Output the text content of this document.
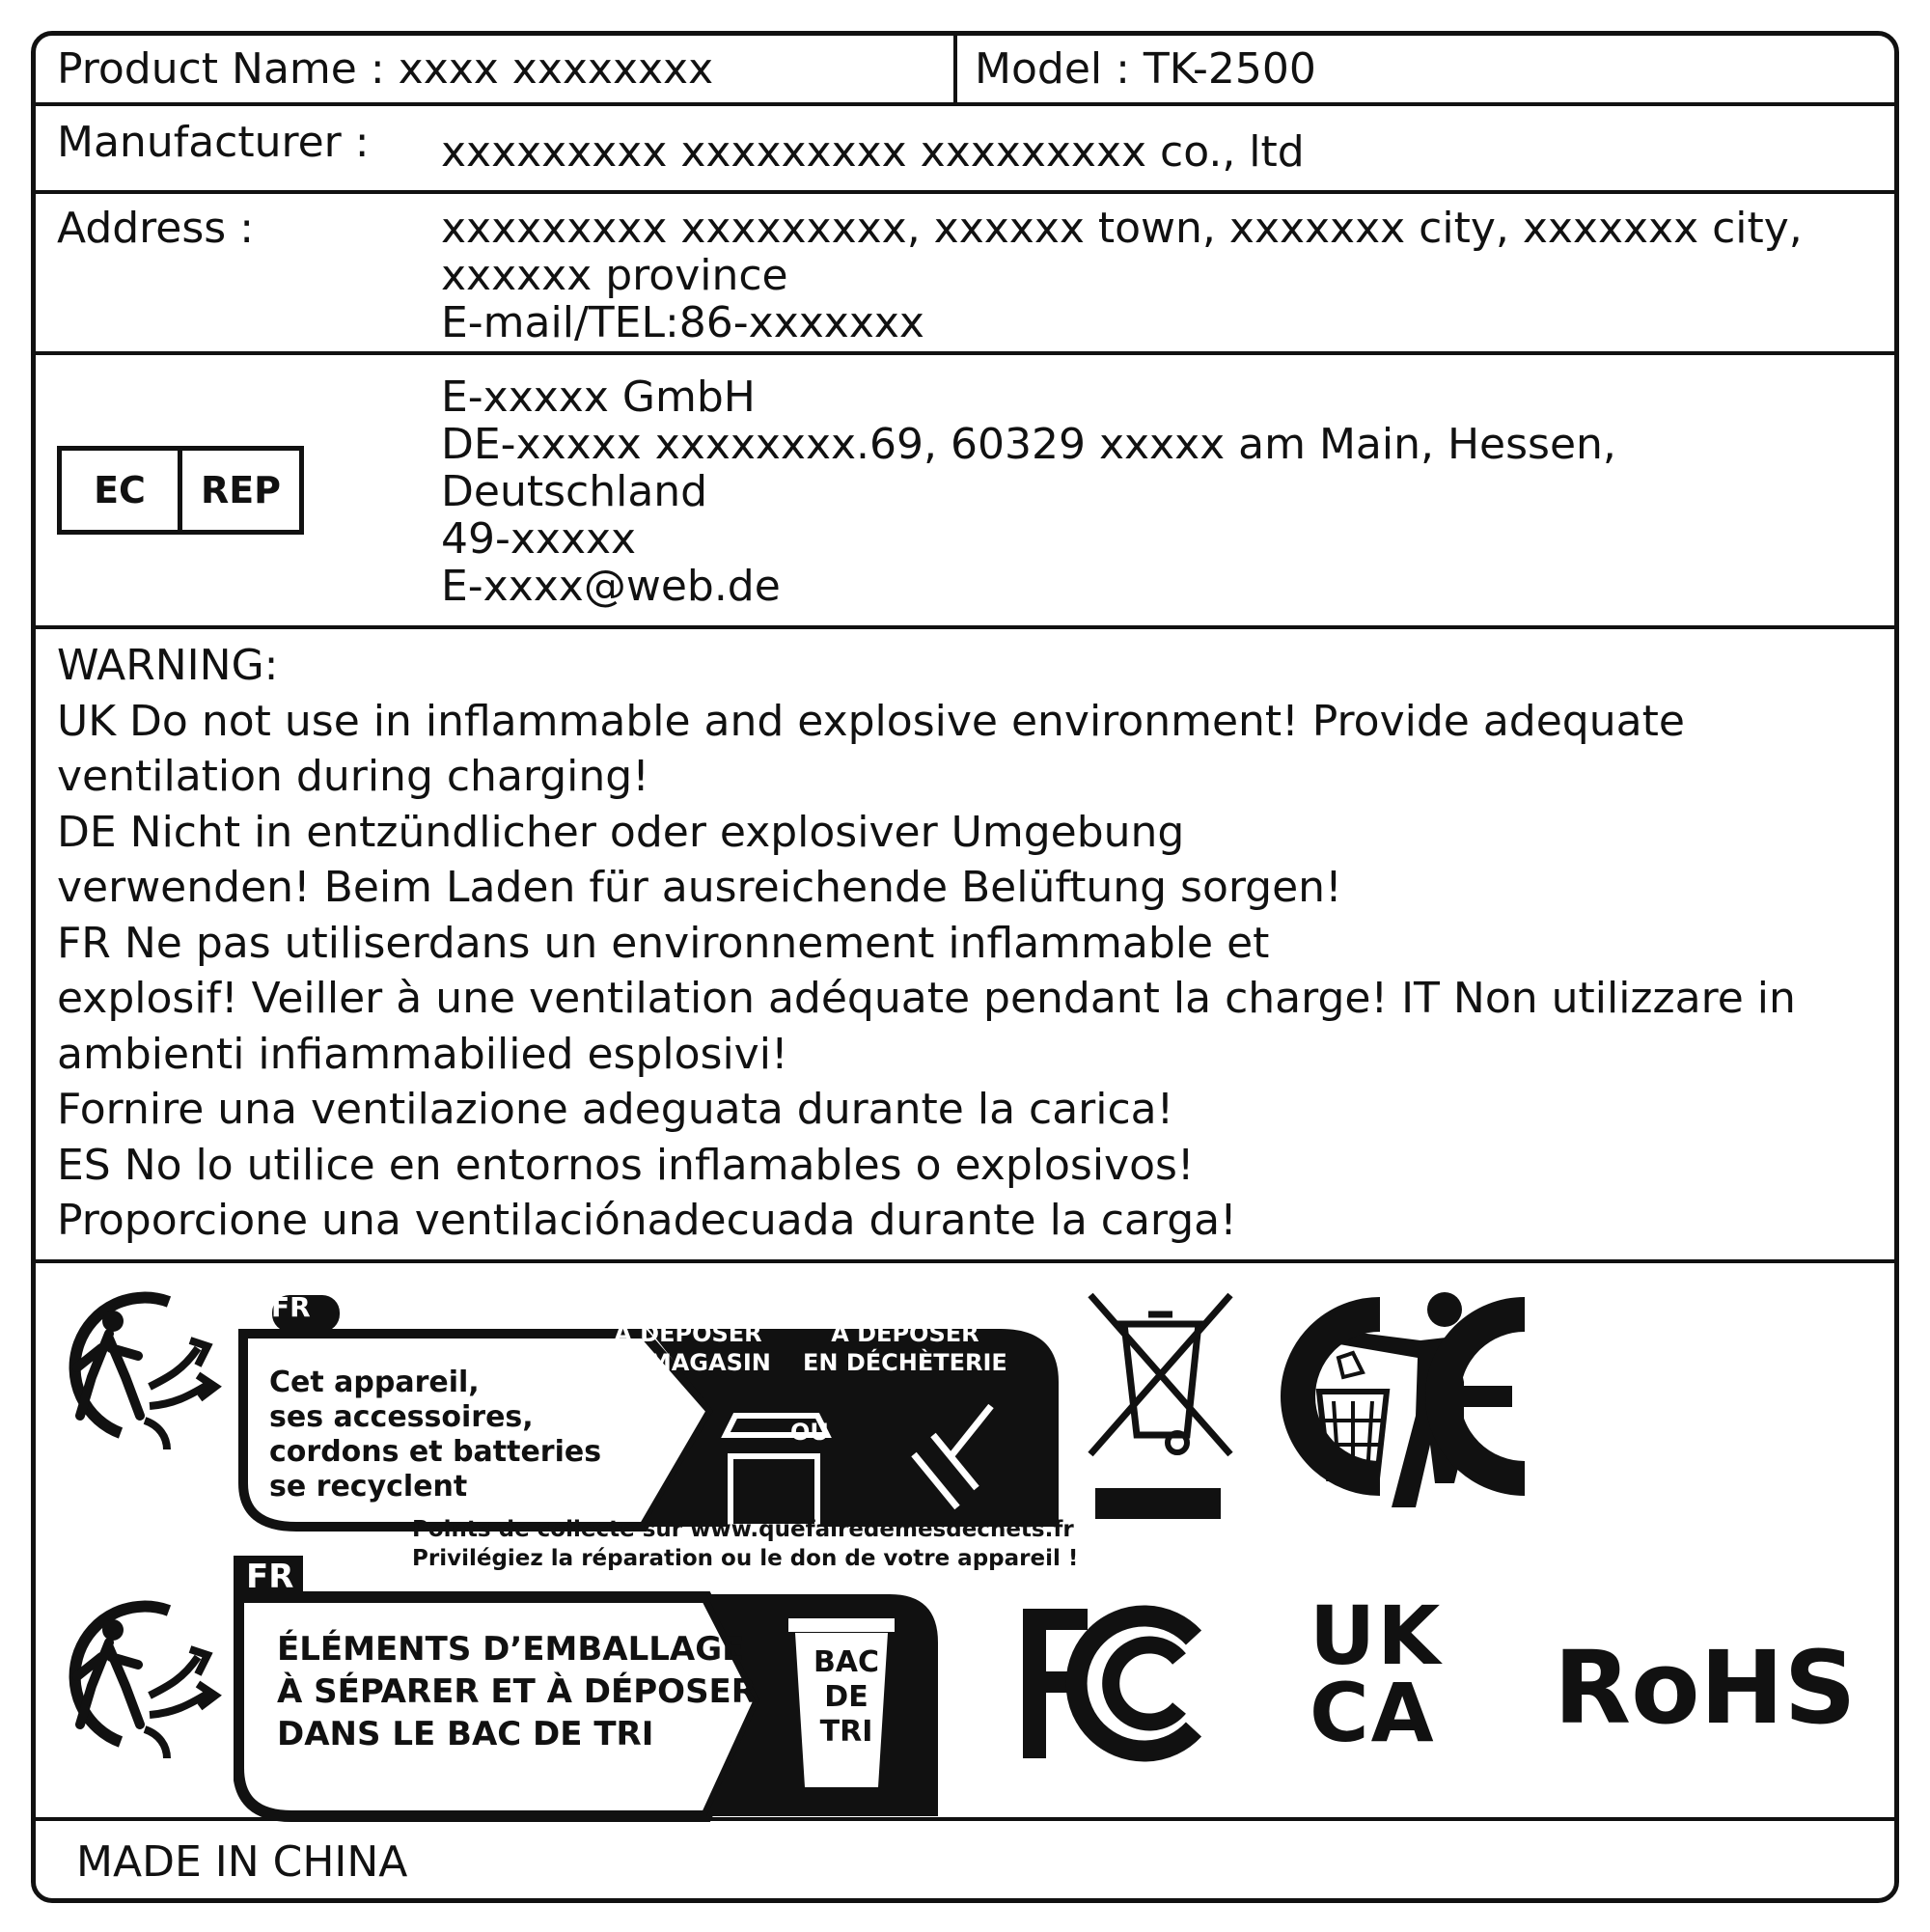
Product Name : xxxx xxxxxxxx	Model : TK-2500
Manufacturer : xxxxxxxxx xxxxxxxxx xxxxxxxxx co., ltd
Address :	xxxxxxxxx xxxxxxxxx, xxxxxx town, xxxxxxx city, xxxxxxx city,
xxxxxx province
E-mail/TEL:86-xxxxxxx
EC	REP
E-xxxxx GmbH
DE-xxxxx xxxxxxxx.69, 60329 xxxxx am Main, Hessen,
Deutschland
49-xxxxx
E-xxxx@web.de
WARNING:
UK Do not use in inflammable and explosive environment! Provide adequate
ventilation during charging!
DE Nicht in entzündlicher oder explosiver Umgebung
verwenden! Beim Laden für ausreichende Belüftung sorgen!
FR Ne pas utiliserdans un environnement inflammable et
explosif! Veiller à une ventilation adéquate pendant la charge! IT Non utilizzare in
ambienti infiammabilied esplosivi!
Fornire una ventilazione adeguata durante la carica!
ES No lo utilice en entornos inflamables o explosivos!
Proporcione una ventilaciónadecuada durante la carga!
FR
Cet appareil,
ses accessoires,
cordons et batteries
se recyclent
À DÉPOSER
EN MAGASIN
À DÉPOSER
EN DÉCHÈTERIE
OU
Points de collecte sur www.quefairedemesdechets.fr
Privilégiez la réparation ou le don de votre appareil !
FR
ÉLÉMENTS D’EMBALLAGE
À SÉPARER ET À DÉPOSER
DANS LE BAC DE TRI
BAC
DE
TRI
UK
CA	RoHS
MADE IN CHINA
